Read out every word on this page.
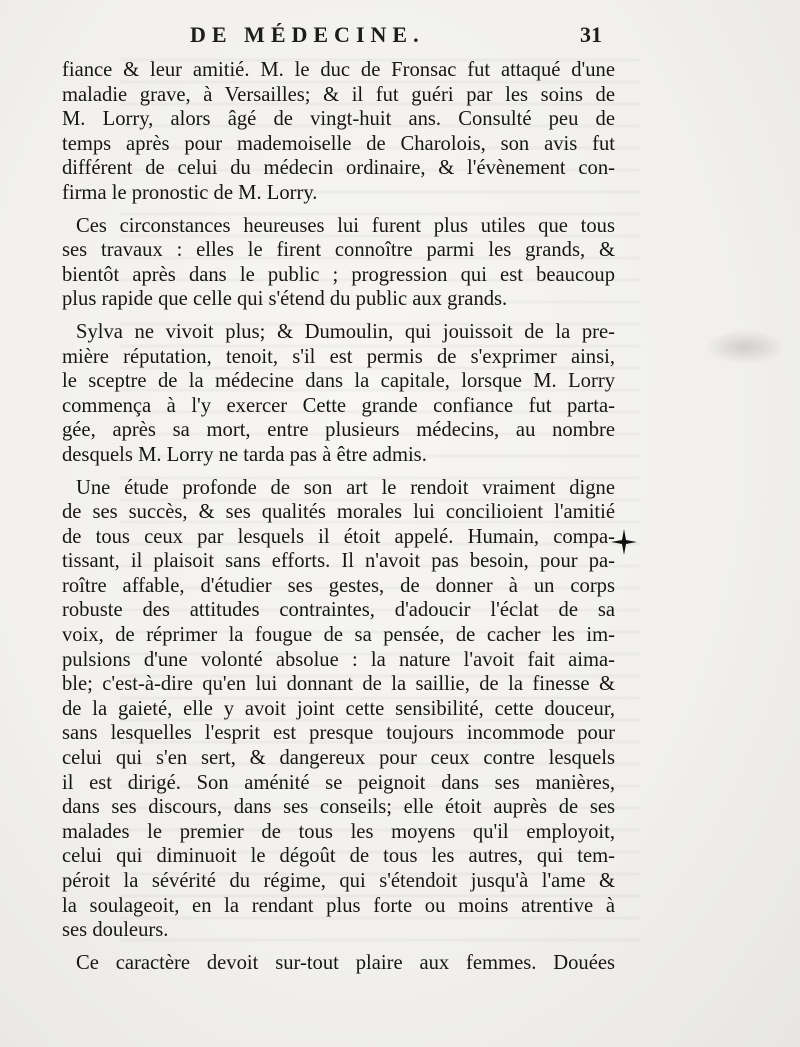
DE MÉDECINE.	31
fiance & leur amitié. M. le duc de Fronsac fut attaqué d'une
maladie grave, à Versailles; & il fut guéri par les soins de
M. Lorry, alors âgé de vingt-huit ans. Consulté peu de
temps après pour mademoiselle de Charolois, son avis fut
différent de celui du médecin ordinaire, & l'évènement con-
firma le pronostic de M. Lorry.
Ces circonstances heureuses lui furent plus utiles que tous
ses travaux : elles le firent connoître parmi les grands, &
bientôt après dans le public ; progression qui est beaucoup
plus rapide que celle qui s'étend du public aux grands.
Sylva ne vivoit plus; & Dumoulin, qui jouissoit de la pre-
mière réputation, tenoit, s'il est permis de s'exprimer ainsi,
le sceptre de la médecine dans la capitale, lorsque M. Lorry
commença à l'y exercer Cette grande confiance fut parta-
gée, après sa mort, entre plusieurs médecins, au nombre
desquels M. Lorry ne tarda pas à être admis.
Une étude profonde de son art le rendoit vraiment digne
de ses succès, & ses qualités morales lui concilioient l'amitié
de tous ceux par lesquels il étoit appelé. Humain, compa-
tissant, il plaisoit sans efforts. Il n'avoit pas besoin, pour pa-
roître affable, d'étudier ses gestes, de donner à un corps
robuste des attitudes contraintes, d'adoucir l'éclat de sa
voix, de réprimer la fougue de sa pensée, de cacher les im-
pulsions d'une volonté absolue : la nature l'avoit fait aima-
ble; c'est-à-dire qu'en lui donnant de la saillie, de la finesse &
de la gaieté, elle y avoit joint cette sensibilité, cette douceur,
sans lesquelles l'esprit est presque toujours incommode pour
celui qui s'en sert, & dangereux pour ceux contre lesquels
il est dirigé. Son aménité se peignoit dans ses manières,
dans ses discours, dans ses conseils; elle étoit auprès de ses
malades le premier de tous les moyens qu'il employoit,
celui qui diminuoit le dégoût de tous les autres, qui tem-
péroit la sévérité du régime, qui s'étendoit jusqu'à l'ame &
la soulageoit, en la rendant plus forte ou moins atrentive à
ses douleurs.
Ce caractère devoit sur-tout plaire aux femmes. Douées
